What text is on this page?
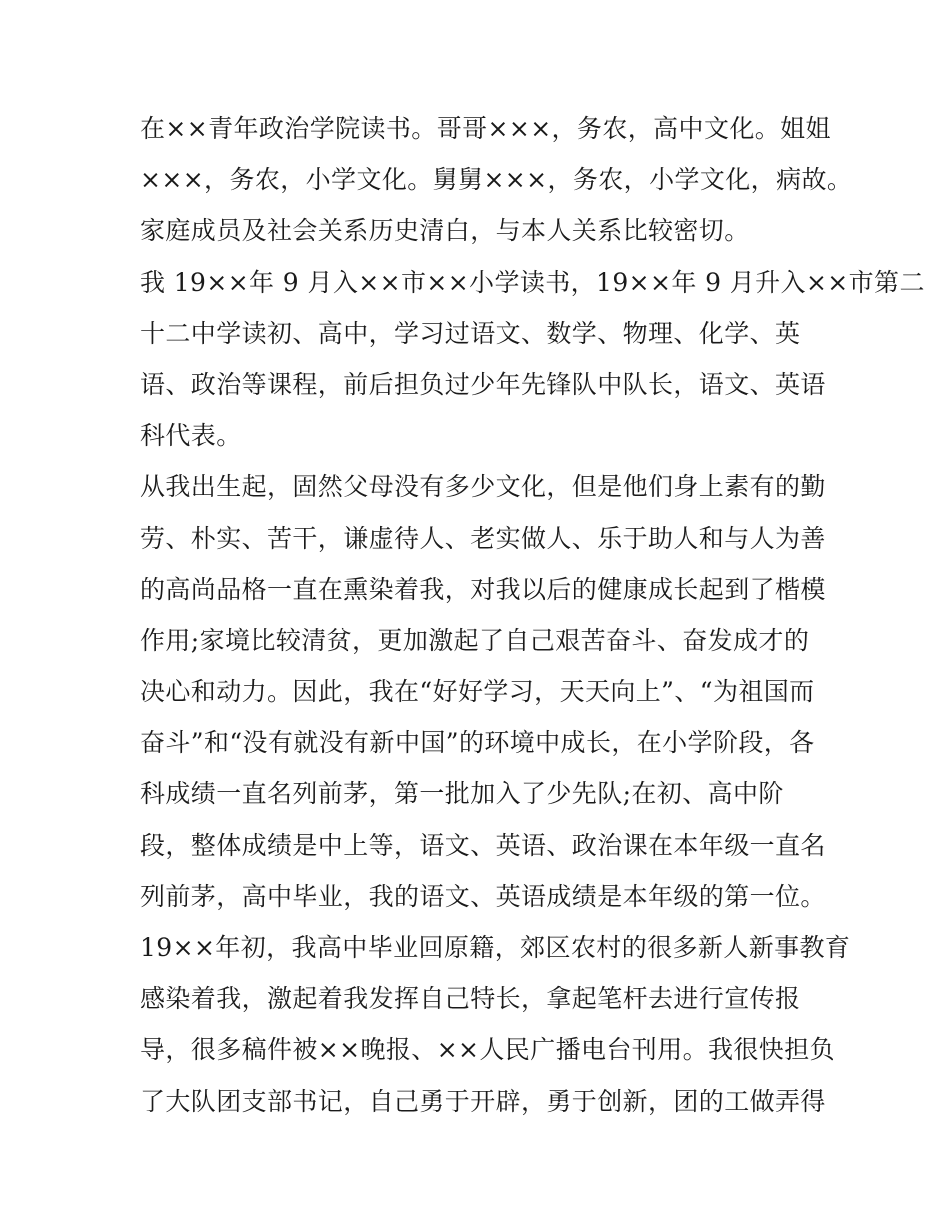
在××青年政治学院读书。哥哥×××，务农，高中文化。姐姐
×××，务农，小学文化。舅舅×××，务农，小学文化，病故。
家庭成员及社会关系历史清白，与本人关系比较密切。
我 19××年 9 月入××市××小学读书，19××年 9 月升入××市第二
十二中学读初、高中，学习过语文、数学、物理、化学、英
语、政治等课程，前后担负过少年先锋队中队长，语文、英语
科代表。
从我出生起，固然父母没有多少文化，但是他们身上素有的勤
劳、朴实、苦干，谦虚待人、老实做人、乐于助人和与人为善
的高尚品格一直在熏染着我，对我以后的健康成长起到了楷模
作用;家境比较清贫，更加激起了自己艰苦奋斗、奋发成才的
决心和动力。因此，我在“好好学习，天天向上”、“为祖国而
奋斗”和“没有就没有新中国”的环境中成长，在小学阶段，各
科成绩一直名列前茅，第一批加入了少先队;在初、高中阶
段，整体成绩是中上等，语文、英语、政治课在本年级一直名
列前茅，高中毕业，我的语文、英语成绩是本年级的第一位。
19××年初，我高中毕业回原籍，郊区农村的很多新人新事教育
感染着我，激起着我发挥自己特长，拿起笔杆去进行宣传报
导，很多稿件被××晚报、××人民广播电台刊用。我很快担负
了大队团支部书记，自己勇于开辟，勇于创新，团的工做弄得
